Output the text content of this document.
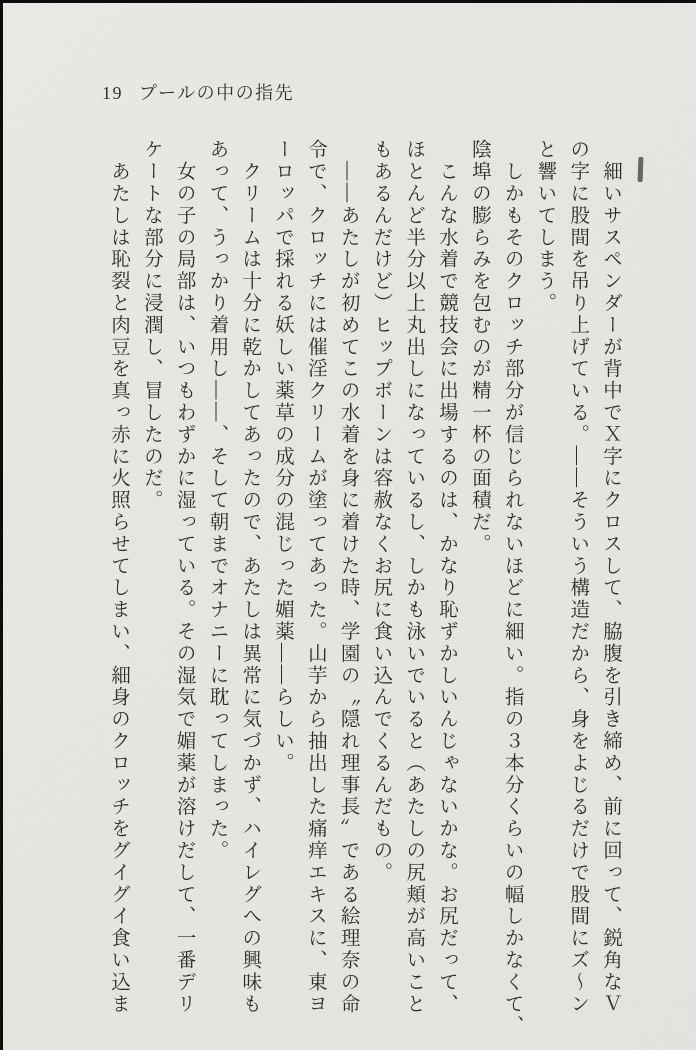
19 プールの中の指先
　細いサスペンダーが背中でＸ字にクロスして、脇腹を引き締め、前に回って、鋭角なＶ
の字に股間を吊り上げている。――そういう構造だから、身をよじるだけで股間にズ～ン
と響いてしまう。
　しかもそのクロッチ部分が信じられないほどに細い。指の３本分くらいの幅しかなくて、
陰埠の膨らみを包むのが精一杯の面積だ。
　こんな水着で競技会に出場するのは、かなり恥ずかしいんじゃないかな。お尻だって、
ほとんど半分以上丸出しになっているし、しかも泳いでいると（あたしの尻頬が高いこと
もあるんだけど）ヒップボーンは容赦なくお尻に食い込んでくるんだもの。
　――あたしが初めてこの水着を身に着けた時、学園の〝隠れ理事長〟である絵理奈の命
令で、クロッチには催淫クリームが塗ってあった。山芋から抽出した痛痒エキスに、東ヨ
ーロッパで採れる妖しい薬草の成分の混じった媚薬――らしい。
　クリームは十分に乾かしてあったので、あたしは異常に気づかず、ハイレグへの興味も
あって、うっかり着用し――、そして朝までオナニーに耽ってしまった。
　女の子の局部は、いつもわずかに湿っている。その湿気で媚薬が溶けだして、一番デリ
ケートな部分に浸潤し、冒したのだ。
　あたしは恥裂と肉豆を真っ赤に火照らせてしまい、細身のクロッチをグイグイ食い込ま
